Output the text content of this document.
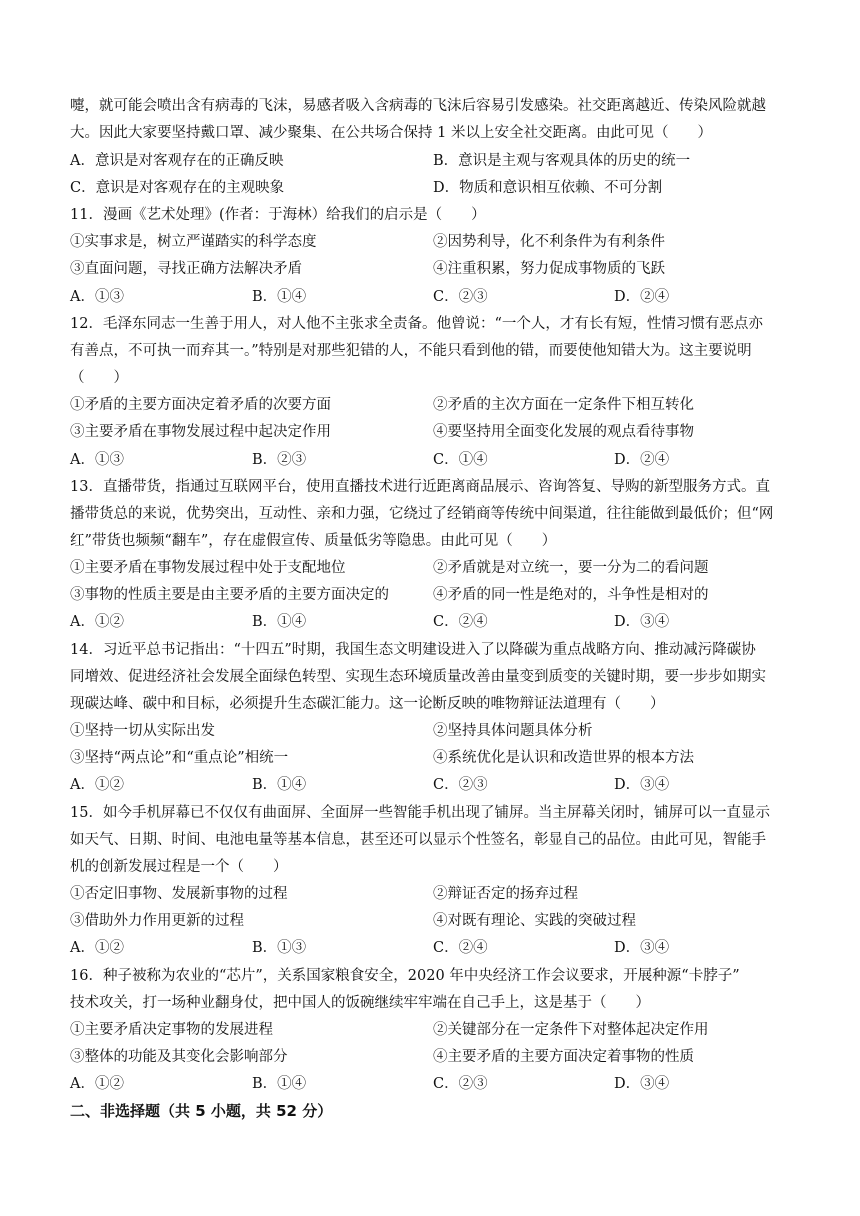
嚏，就可能会喷出含有病毒的飞沫，易感者吸入含病毒的飞沫后容易引发感染。社交距离越近、传染风险就越
大。因此大家要坚持戴口罩、减少聚集、在公共场合保持 1 米以上安全社交距离。由此可见（　　）
A．意识是对客观存在的正确反映	B．意识是主观与客观具体的历史的统一
C．意识是对客观存在的主观映象	D．物质和意识相互依赖、不可分割
11．漫画《艺术处理》(作者：于海林）给我们的启示是（　　）
①实事求是，树立严谨踏实的科学态度	②因势利导，化不利条件为有利条件
③直面问题，寻找正确方法解决矛盾	④注重积累，努力促成事物质的飞跃
A．①③	B．①④	C．②③	D．②④
12．毛泽东同志一生善于用人，对人他不主张求全责备。他曾说：“一个人，才有长有短，性情习惯有恶点亦
有善点，不可执一而弃其一。”特别是对那些犯错的人，不能只看到他的错，而要使他知错大为。这主要说明
（　　）
①矛盾的主要方面决定着矛盾的次要方面	②矛盾的主次方面在一定条件下相互转化
③主要矛盾在事物发展过程中起决定作用	④要坚持用全面变化发展的观点看待事物
A．①③	B．②③	C．①④	D．②④
13．直播带货，指通过互联网平台，使用直播技术进行近距离商品展示、咨询答复、导购的新型服务方式。直
播带货总的来说，优势突出，互动性、亲和力强，它绕过了经销商等传统中间渠道，往往能做到最低价；但“网
红”带货也频频“翻车”，存在虚假宣传、质量低劣等隐患。由此可见（　　）
①主要矛盾在事物发展过程中处于支配地位	②矛盾就是对立统一，要一分为二的看问题
③事物的性质主要是由主要矛盾的主要方面决定的	④矛盾的同一性是绝对的，斗争性是相对的
A．①②	B．①④	C．②④	D．③④
14．习近平总书记指出：“十四五”时期，我国生态文明建设进入了以降碳为重点战略方向、推动减污降碳协
同增效、促进经济社会发展全面绿色转型、实现生态环境质量改善由量变到质变的关键时期，要一步步如期实
现碳达峰、碳中和目标，必须提升生态碳汇能力。这一论断反映的唯物辩证法道理有（　　）
①坚持一切从实际出发	②坚持具体问题具体分析
③坚持“两点论”和“重点论”相统一	④系统优化是认识和改造世界的根本方法
A．①②	B．①④	C．②③	D．③④
15．如今手机屏幕已不仅仅有曲面屏、全面屏一些智能手机出现了铺屏。当主屏幕关闭时，铺屏可以一直显示
如天气、日期、时间、电池电量等基本信息，甚至还可以显示个性签名，彰显自己的品位。由此可见，智能手
机的创新发展过程是一个（　　）
①否定旧事物、发展新事物的过程	②辩证否定的扬弃过程
③借助外力作用更新的过程	④对既有理论、实践的突破过程
A．①②	B．①③	C．②④	D．③④
16．种子被称为农业的“芯片”，关系国家粮食安全，2020 年中央经济工作会议要求，开展种源“卡脖子”
技术攻关，打一场种业翻身仗，把中国人的饭碗继续牢牢端在自己手上，这是基于（　　）
①主要矛盾决定事物的发展进程	②关键部分在一定条件下对整体起决定作用
③整体的功能及其变化会影响部分	④主要矛盾的主要方面决定着事物的性质
A．①②	B．①④	C．②③	D．③④
二、非选择题（共 5 小题，共 52 分）
